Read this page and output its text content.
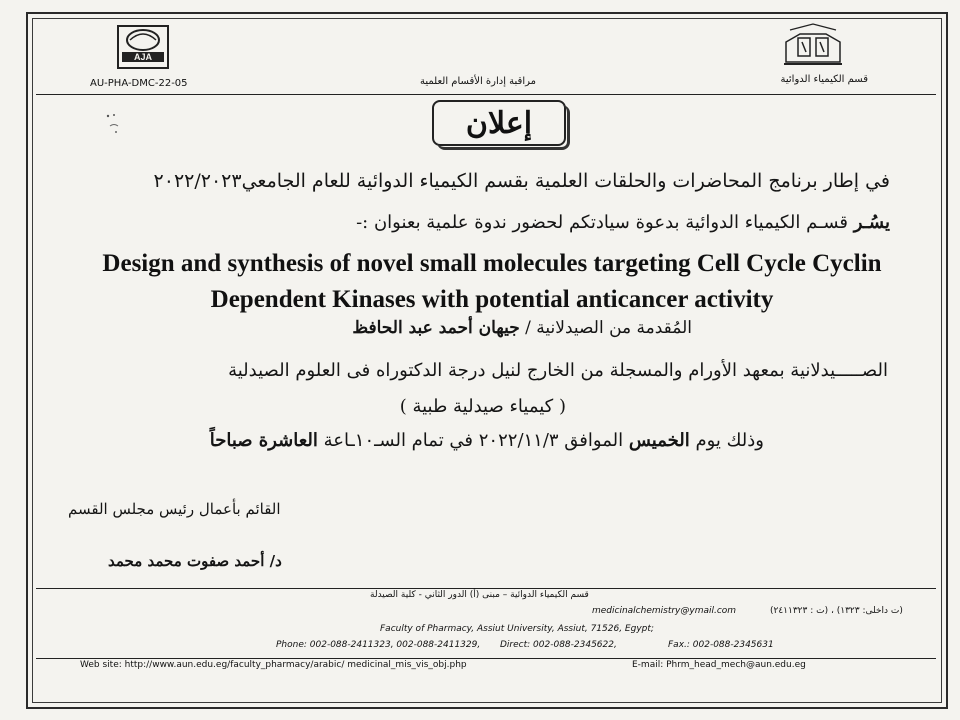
AJA
AU-PHA-DMC-22-05	مراقبة إدارة الأقسام العلمية	قسم الكيمياء الدوائية
إعلان
في إطار برنامج المحاضرات والحلقات العلمية بقسم الكيمياء الدوائية للعام الجامعي٢٠٢٢/٢٠٢٣
يسُـر قسـم الكيمياء الدوائية بدعوة سيادتكم لحضور ندوة علمية بعنوان :-
Design and synthesis of novel small molecules targeting Cell Cycle Cyclin
Dependent Kinases with potential anticancer activity
المُقدمة من الصيدلانية / جيهان أحمد عبد الحافظ
الصـــــيدلانية بمعهد الأورام والمسجلة من الخارج لنيل درجة الدكتوراه فى العلوم الصيدلية
( كيمياء صيدلية طبية )
وذلك يوم الخميس الموافق ٢٠٢٢/١١/٣ في تمام السـ١٠ـاعة العاشرة صباحاً
القائم بأعمال رئيس مجلس القسم
د/ أحمد صفوت محمد محمد
قسم الكيمياء الدوائية – مبنى (أ) الدور الثاني - كلية الصيدلة
medicinalchemistry@ymail.com	(ت داخلى: ١٣٢٣) ، (ت : ٢٤١١٣٢٣)
Faculty of Pharmacy, Assiut University, Assiut, 71526, Egypt;
Phone: 002-088-2411323, 002-088-2411329, Direct: 002-088-2345622,	Fax.: 002-088-2345631
Web site: http://www.aun.edu.eg/faculty_pharmacy/arabic/ medicinal_mis_vis_obj.php	E-mail: Phrm_head_mech@aun.edu.eg
